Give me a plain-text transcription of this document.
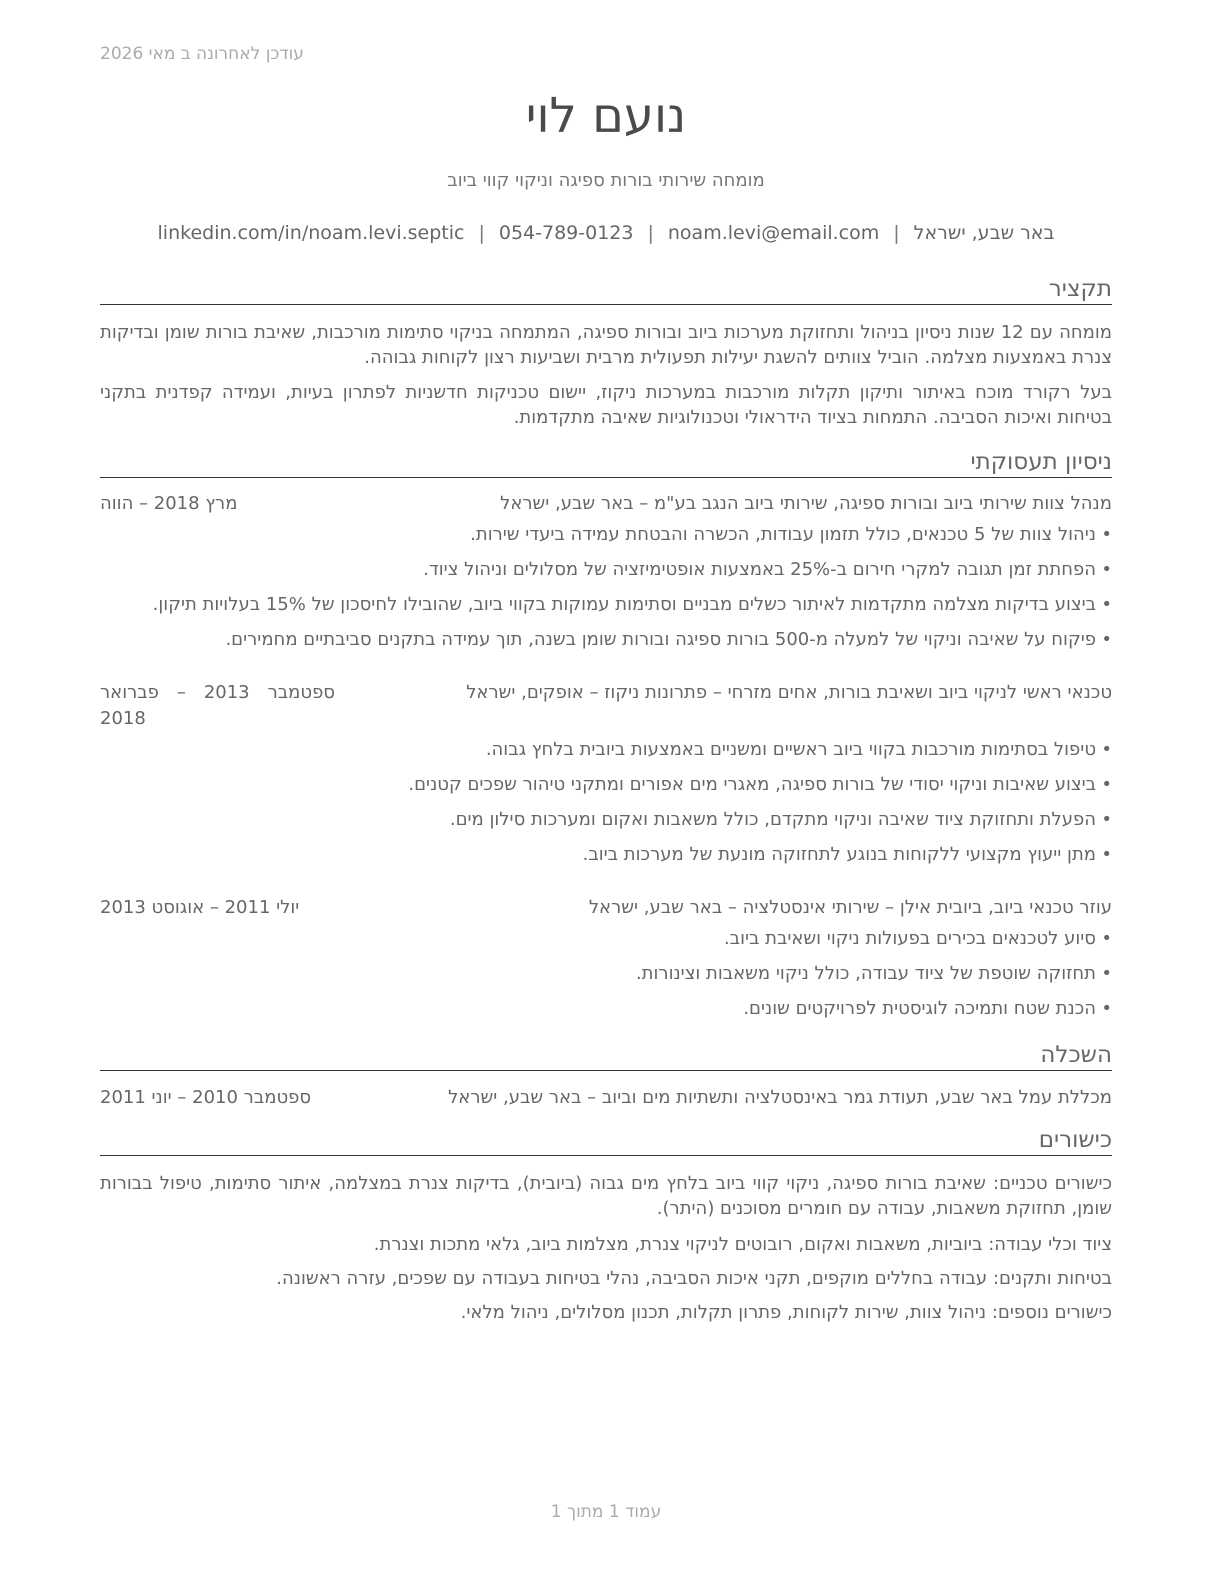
עודכן לאחרונה ב מאי 2026
נועם לוי
מומחה שירותי בורות ספיגה וניקוי קווי ביוב
באר שבע, ישראל|noam.levi@email.com|054-789-0123|linkedin.com/in/noam.levi.septic
תקציר
מומחה עם 12 שנות ניסיון בניהול ותחזוקת מערכות ביוב ובורות ספיגה, המתמחה בניקוי סתימות מורכבות, שאיבת בורות שומן ובדיקות צנרת באמצעות מצלמה. הוביל צוותים להשגת יעילות תפעולית מרבית ושביעות רצון לקוחות גבוהה.
בעל רקורד מוכח באיתור ותיקון תקלות מורכבות במערכות ניקוז, יישום טכניקות חדשניות לפתרון בעיות, ועמידה קפדנית בתקני בטיחות ואיכות הסביבה. התמחות בציוד הידראולי וטכנולוגיות שאיבה מתקדמות.
ניסיון תעסוקתי
מנהל צוות שירותי ביוב ובורות ספיגה, שירותי ביוב הנגב בע"מ – באר שבע, ישראל
מרץ 2018 – הווה
•
ניהול צוות של 5 טכנאים, כולל תזמון עבודות, הכשרה והבטחת עמידה ביעדי שירות.
•
הפחתת זמן תגובה למקרי חירום ב-25% באמצעות אופטימיזציה של מסלולים וניהול ציוד.
•
ביצוע בדיקות מצלמה מתקדמות לאיתור כשלים מבניים וסתימות עמוקות בקווי ביוב, שהובילו לחיסכון של 15% בעלויות תיקון.
•
פיקוח על שאיבה וניקוי של למעלה מ-500 בורות ספיגה ובורות שומן בשנה, תוך עמידה בתקנים סביבתיים מחמירים.
טכנאי ראשי לניקוי ביוב ושאיבת בורות, אחים מזרחי – פתרונות ניקוז – אופקים, ישראל
ספטמבר 2013 – פברואר 2018
•
טיפול בסתימות מורכבות בקווי ביוב ראשיים ומשניים באמצעות ביובית בלחץ גבוה.
•
ביצוע שאיבות וניקוי יסודי של בורות ספיגה, מאגרי מים אפורים ומתקני טיהור שפכים קטנים.
•
הפעלת ותחזוקת ציוד שאיבה וניקוי מתקדם, כולל משאבות ואקום ומערכות סילון מים.
•
מתן ייעוץ מקצועי ללקוחות בנוגע לתחזוקה מונעת של מערכות ביוב.
עוזר טכנאי ביוב, ביובית אילן – שירותי אינסטלציה – באר שבע, ישראל
יולי 2011 – אוגוסט 2013
•
סיוע לטכנאים בכירים בפעולות ניקוי ושאיבת ביוב.
•
תחזוקה שוטפת של ציוד עבודה, כולל ניקוי משאבות וצינורות.
•
הכנת שטח ותמיכה לוגיסטית לפרויקטים שונים.
השכלה
מכללת עמל באר שבע, תעודת גמר באינסטלציה ותשתיות מים וביוב – באר שבע, ישראל
ספטמבר 2010 – יוני 2011
כישורים
כישורים טכניים: שאיבת בורות ספיגה, ניקוי קווי ביוב בלחץ מים גבוה (ביובית), בדיקות צנרת במצלמה, איתור סתימות, טיפול בבורות שומן, תחזוקת משאבות, עבודה עם חומרים מסוכנים (היתר).
ציוד וכלי עבודה: ביוביות, משאבות ואקום, רובוטים לניקוי צנרת, מצלמות ביוב, גלאי מתכות וצנרת.
בטיחות ותקנים: עבודה בחללים מוקפים, תקני איכות הסביבה, נהלי בטיחות בעבודה עם שפכים, עזרה ראשונה.
כישורים נוספים: ניהול צוות, שירות לקוחות, פתרון תקלות, תכנון מסלולים, ניהול מלאי.
עמוד 1 מתוך 1
